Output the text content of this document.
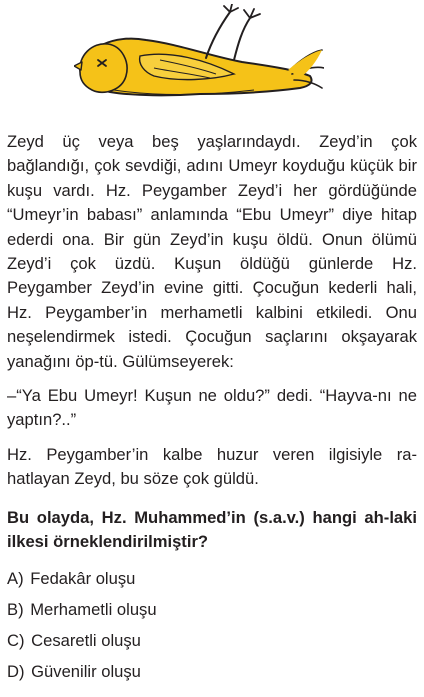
Zeyd üç veya beş yaşlarındaydı. Zeyd’in çok bağlandığı, çok sevdiği, adını Umeyr koyduğu küçük bir kuşu vardı. Hz. Peygamber Zeyd’i her gördüğünde “Umeyr’in babası” anlamında “Ebu Umeyr” diye hitap ederdi ona. Bir gün Zeyd’in kuşu öldü. Onun ölümü Zeyd’i çok üzdü. Kuşun öldüğü günlerde Hz. Peygamber Zeyd’in evine gitti. Çocuğun kederli hali, Hz. Peygamber’in merhametli kalbini etkiledi. Onu neşelendirmek istedi. Çocuğun saçlarını okşayarak yanağını öp-tü. Gülümseyerek:

–“Ya Ebu Umeyr! Kuşun ne oldu?” dedi. “Hayva-nı ne yaptın?..”

Hz. Peygamber’in kalbe huzur veren ilgisiyle ra-hatlayan Zeyd, bu söze çok güldü.

Bu olayda, Hz. Muhammed’in (s.a.v.) hangi ah-laki ilkesi örneklendirilmiştir?

A) Fedakâr oluşu
B) Merhametli oluşu
C) Cesaretli oluşu
D) Güvenilir oluşu
